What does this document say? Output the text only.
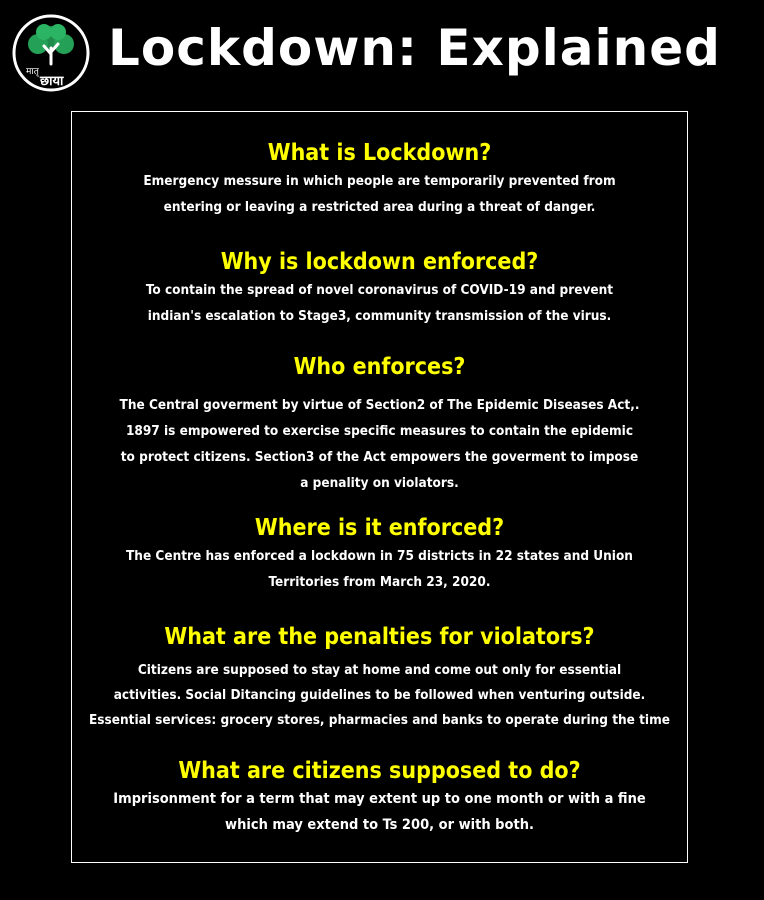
मातृ
छाया
Lockdown: Explained
What is Lockdown?

Emergency messure in which people are temporarily prevented from
entering or leaving a restricted area during a threat of danger.

Why is lockdown enforced?

To contain the spread of novel coronavirus of COVID-19 and prevent
indian's escalation to Stage3, community transmission of the virus.

Who enforces?

The Central goverment by virtue of Section2 of The Epidemic Diseases Act,.
1897 is empowered to exercise specific measures to contain the epidemic
to protect citizens. Section3 of the Act empowers the goverment to impose
a penality on violators.

Where is it enforced?

The Centre has enforced a lockdown in 75 districts in 22 states and Union
Territories from March 23, 2020.

What are the penalties for violators?

Citizens are supposed to stay at home and come out only for essential
activities. Social Ditancing guidelines to be followed when venturing outside.
Essential services: grocery stores, pharmacies and banks to operate during the time

What are citizens supposed to do?

Imprisonment for a term that may extent up to one month or with a fine
which may extend to Ts 200, or with both.
